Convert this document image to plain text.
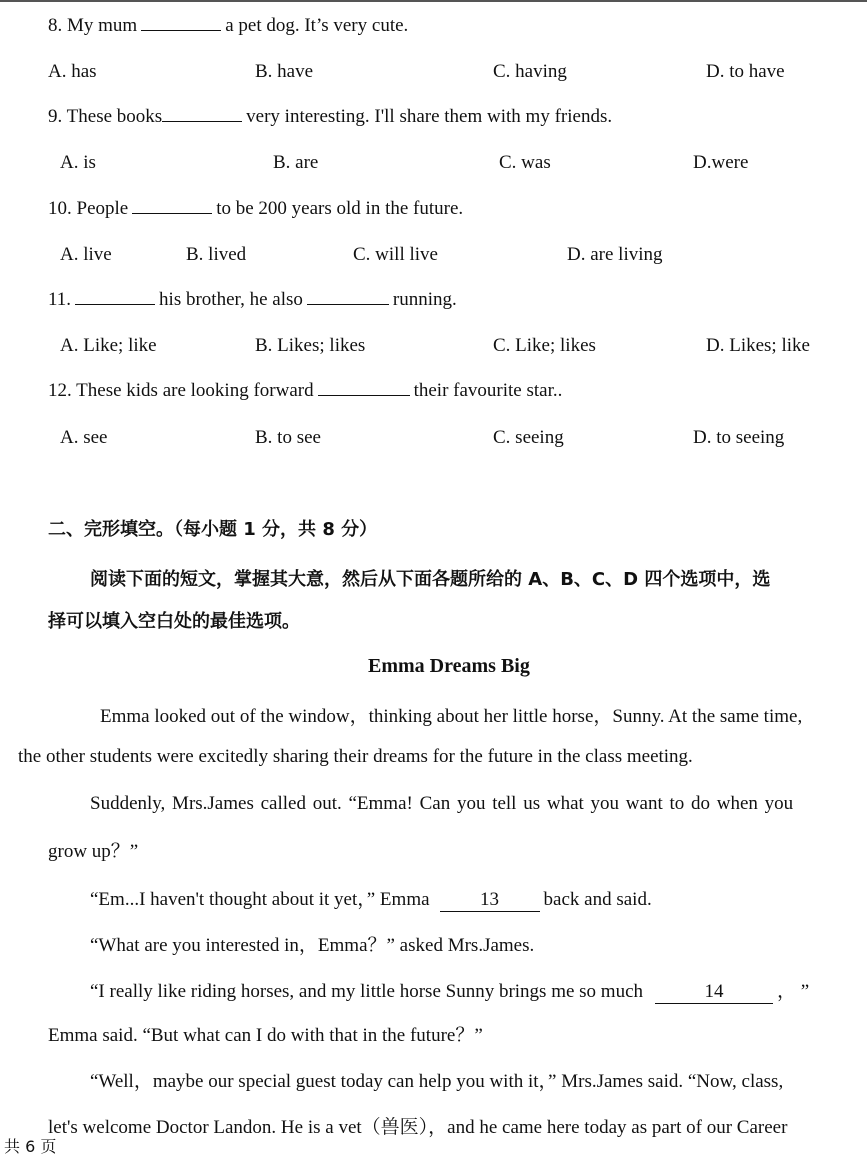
8. My mum	a pet dog. It’s very cute.
A. has	B. have	C. having	D. to have
9. These books	very interesting. I'll share them with my friends.
A. is	B. are	C. was	D.were
10. People	to be 200 years old in the future.
A. live	B. lived	C. will live	D. are living
11.	his brother, he also	running.
A. Like; like	B. Likes; likes	C. Like; likes	D. Likes; like
12. These kids are looking forward	their favourite star..
A. see	B. to see	C. seeing	D. to seeing
二、完形填空。（每小题 1 分，共 8 分）
阅读下面的短文，掌握其大意，然后从下面各题所给的 A、B、C、D 四个选项中，选
择可以填入空白处的最佳选项。
Emma Dreams Big
Emma looked out of the window，thinking about her little horse，Sunny. At the same time,
the other students were excitedly sharing their dreams for the future in the class meeting.
Suddenly, Mrs.James called out. “Emma! Can you tell us what you want to do when you
grow up？”
“Em...I haven't thought about it yet，” Emma	13 back and said.
“What are you interested in，Emma？” asked Mrs.James.
“I really like riding horses, and my little horse Sunny brings me so much	14	， ”
Emma said. “But what can I do with that in the future？”
“Well，maybe our special guest today can help you with it，” Mrs.James said. “Now, class,
let's welcome Doctor Landon. He is a vet（兽医），and he came here today as part of our Career
共 6 页
